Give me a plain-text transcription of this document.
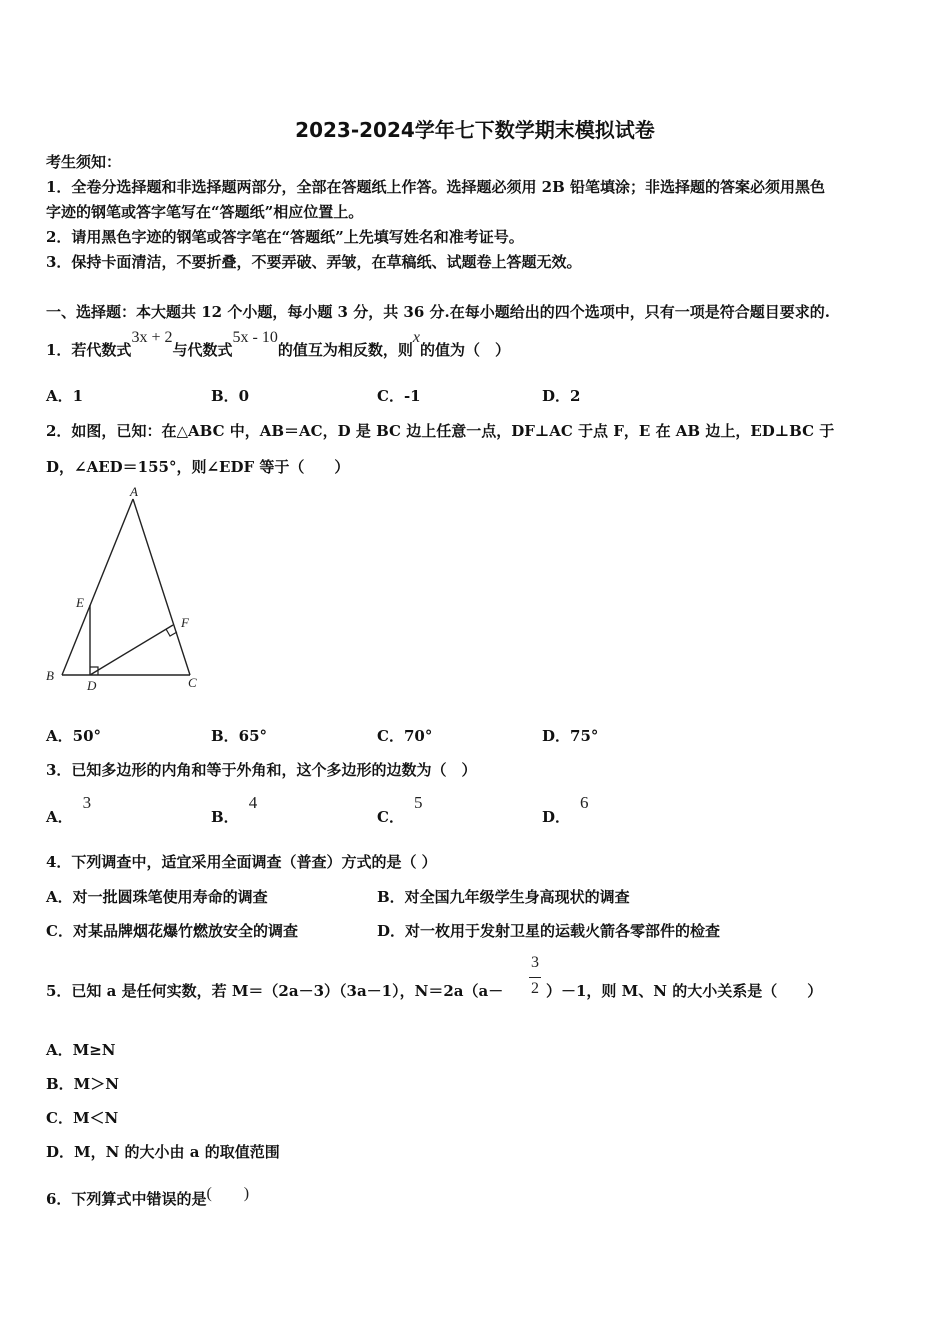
2023-2024学年七下数学期末模拟试卷
考生须知：
1．全卷分选择题和非选择题两部分，全部在答题纸上作答。选择题必须用 2B 铅笔填涂；非选择题的答案必须用黑色
字迹的钢笔或答字笔写在“答题纸”相应位置上。
2．请用黑色字迹的钢笔或答字笔在“答题纸”上先填写姓名和准考证号。
3．保持卡面清洁，不要折叠，不要弄破、弄皱，在草稿纸、试题卷上答题无效。
一、选择题：本大题共 12 个小题，每小题 3 分，共 36 分.在每小题给出的四个选项中，只有一项是符合题目要求的.
1．若代数式3x + 2与代数式5x - 10的值互为相反数，则x的值为（　）
A．1	B．0	C．-1	D．2
2．如图，已知：在△ABC 中，AB＝AC，D 是 BC 边上任意一点，DF⊥AC 于点 F，E 在 AB 边上，ED⊥BC 于
D，∠AED＝155°，则∠EDF 等于（　　）
A
B	C
D
E
F
A．50°	B．65°	C．70°	D．75°
3．已知多边形的内角和等于外角和，这个多边形的边数为（　）
A．3
B．4
C．5
D．6
4．下列调查中，适宜采用全面调查（普查）方式的是（ ）
A．对一批圆珠笔使用寿命的调查	B．对全国九年级学生身高现状的调查
C．对某品牌烟花爆竹燃放安全的调查	D．对一枚用于发射卫星的运载火箭各零部件的检查
5．已知 a 是任何实数，若 M＝（2a－3）（3a－1），N＝2a（a－
3
2 ）－1，则 M、N 的大小关系是（　　）
A．M≥N
B．M＞N
C．M＜N
D．M，N 的大小由 a 的取值范围
6．下列算式中错误的是(　　)
